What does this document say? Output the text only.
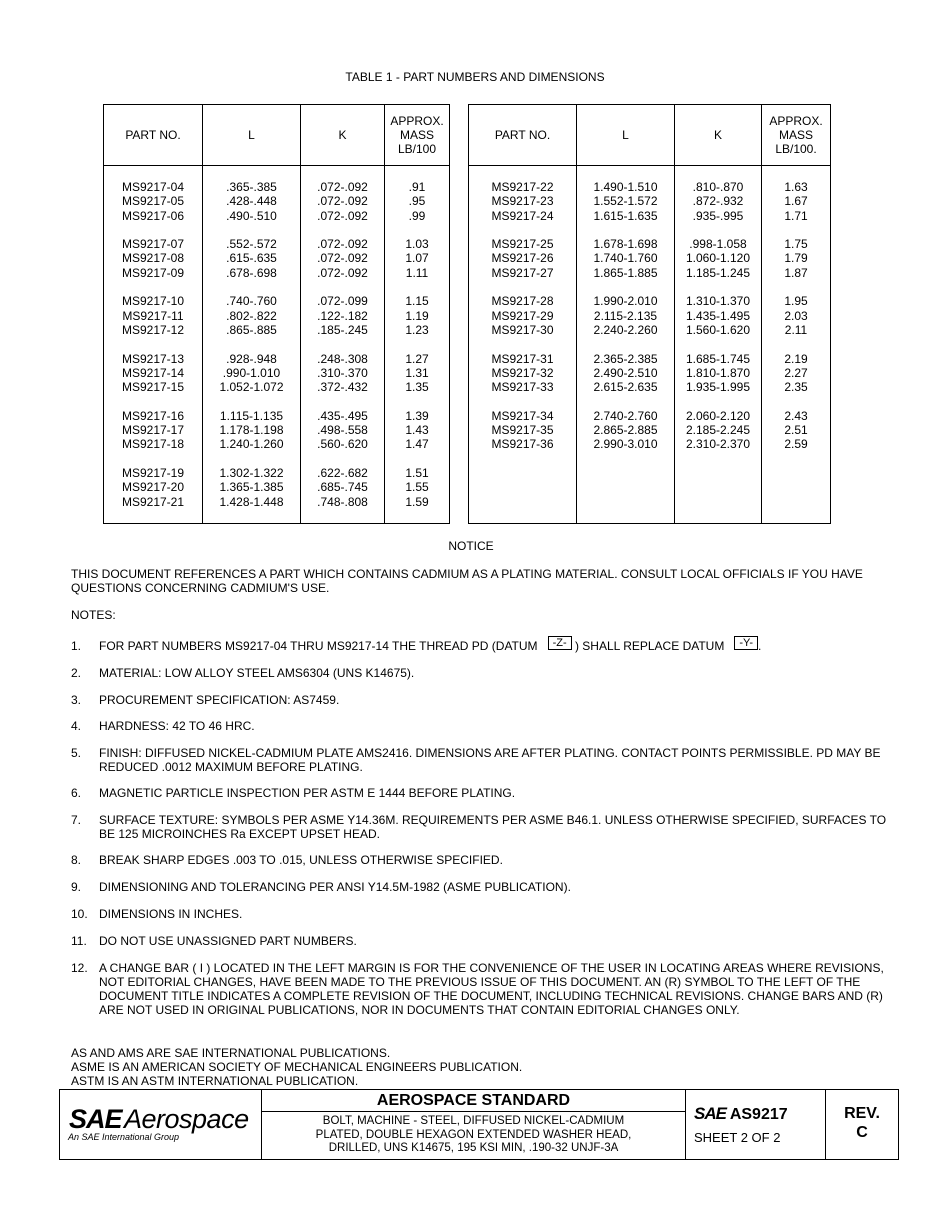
TABLE 1 - PART NUMBERS AND DIMENSIONS
PART NO.	L	K	APPROX.
MASS
LB/100
MS9217-04	.365-.385	.072-.092	.91
MS9217-05	.428-.448	.072-.092	.95
MS9217-06	.490-.510	.072-.092	.99
MS9217-07	.552-.572	.072-.092	1.03
MS9217-08	.615-.635	.072-.092	1.07
MS9217-09	.678-.698	.072-.092	1.11
MS9217-10	.740-.760	.072-.099	1.15
MS9217-11	.802-.822	.122-.182	1.19
MS9217-12	.865-.885	.185-.245	1.23
MS9217-13	.928-.948	.248-.308	1.27
MS9217-14	.990-1.010	.310-.370	1.31
MS9217-15	1.052-1.072	.372-.432	1.35
MS9217-16	1.115-1.135	.435-.495	1.39
MS9217-17	1.178-1.198	.498-.558	1.43
MS9217-18	1.240-1.260	.560-.620	1.47
MS9217-19	1.302-1.322	.622-.682	1.51
MS9217-20	1.365-1.385	.685-.745	1.55
MS9217-21	1.428-1.448	.748-.808	1.59

PART NO.	L	K	APPROX.
MASS
LB/100.
MS9217-22	1.490-1.510	.810-.870	1.63
MS9217-23	1.552-1.572	.872-.932	1.67
MS9217-24	1.615-1.635	.935-.995	1.71
MS9217-25	1.678-1.698	.998-1.058	1.75
MS9217-26	1.740-1.760	1.060-1.120	1.79
MS9217-27	1.865-1.885	1.185-1.245	1.87
MS9217-28	1.990-2.010	1.310-1.370	1.95
MS9217-29	2.115-2.135	1.435-1.495	2.03
MS9217-30	2.240-2.260	1.560-1.620	2.11
MS9217-31	2.365-2.385	1.685-1.745	2.19
MS9217-32	2.490-2.510	1.810-1.870	2.27
MS9217-33	2.615-2.635	1.935-1.995	2.35
MS9217-34	2.740-2.760	2.060-2.120	2.43
MS9217-35	2.865-2.885	2.185-2.245	2.51
MS9217-36	2.990-3.010	2.310-2.370	2.59

NOTICE
THIS DOCUMENT REFERENCES A PART WHICH CONTAINS CADMIUM AS A PLATING MATERIAL. CONSULT LOCAL OFFICIALS IF YOU HAVE QUESTIONS CONCERNING CADMIUM'S USE.
NOTES:
1. FOR PART NUMBERS MS9217-04 THRU MS9217-14 THE THREAD PD (DATUM -Z- ) SHALL REPLACE DATUM -Y- .
2. MATERIAL: LOW ALLOY STEEL AMS6304 (UNS K14675).
3. PROCUREMENT SPECIFICATION: AS7459.
4. HARDNESS: 42 TO 46 HRC.
5. FINISH: DIFFUSED NICKEL-CADMIUM PLATE AMS2416. DIMENSIONS ARE AFTER PLATING. CONTACT POINTS PERMISSIBLE. PD MAY BE REDUCED .0012 MAXIMUM BEFORE PLATING.
6. MAGNETIC PARTICLE INSPECTION PER ASTM E 1444 BEFORE PLATING.
7. SURFACE TEXTURE: SYMBOLS PER ASME Y14.36M. REQUIREMENTS PER ASME B46.1. UNLESS OTHERWISE SPECIFIED, SURFACES TO BE 125 MICROINCHES Ra EXCEPT UPSET HEAD.
8. BREAK SHARP EDGES .003 TO .015, UNLESS OTHERWISE SPECIFIED.
9. DIMENSIONING AND TOLERANCING PER ANSI Y14.5M-1982 (ASME PUBLICATION).
10. DIMENSIONS IN INCHES.
11. DO NOT USE UNASSIGNED PART NUMBERS.
12. A CHANGE BAR ( I ) LOCATED IN THE LEFT MARGIN IS FOR THE CONVENIENCE OF THE USER IN LOCATING AREAS WHERE REVISIONS, NOT EDITORIAL CHANGES, HAVE BEEN MADE TO THE PREVIOUS ISSUE OF THIS DOCUMENT. AN (R) SYMBOL TO THE LEFT OF THE DOCUMENT TITLE INDICATES A COMPLETE REVISION OF THE DOCUMENT, INCLUDING TECHNICAL REVISIONS. CHANGE BARS AND (R) ARE NOT USED IN ORIGINAL PUBLICATIONS, NOR IN DOCUMENTS THAT CONTAIN EDITORIAL CHANGES ONLY.
AS AND AMS ARE SAE INTERNATIONAL PUBLICATIONS.
ASME IS AN AMERICAN SOCIETY OF MECHANICAL ENGINEERS PUBLICATION.
ASTM IS AN ASTM INTERNATIONAL PUBLICATION.
SAE Aerospace
An SAE International Group
AEROSPACE STANDARD
BOLT, MACHINE - STEEL, DIFFUSED NICKEL-CADMIUM
PLATED, DOUBLE HEXAGON EXTENDED WASHER HEAD,
DRILLED, UNS K14675, 195 KSI MIN, .190-32 UNJF-3A
SAE AS9217
SHEET 2 OF 2
REV.
C
